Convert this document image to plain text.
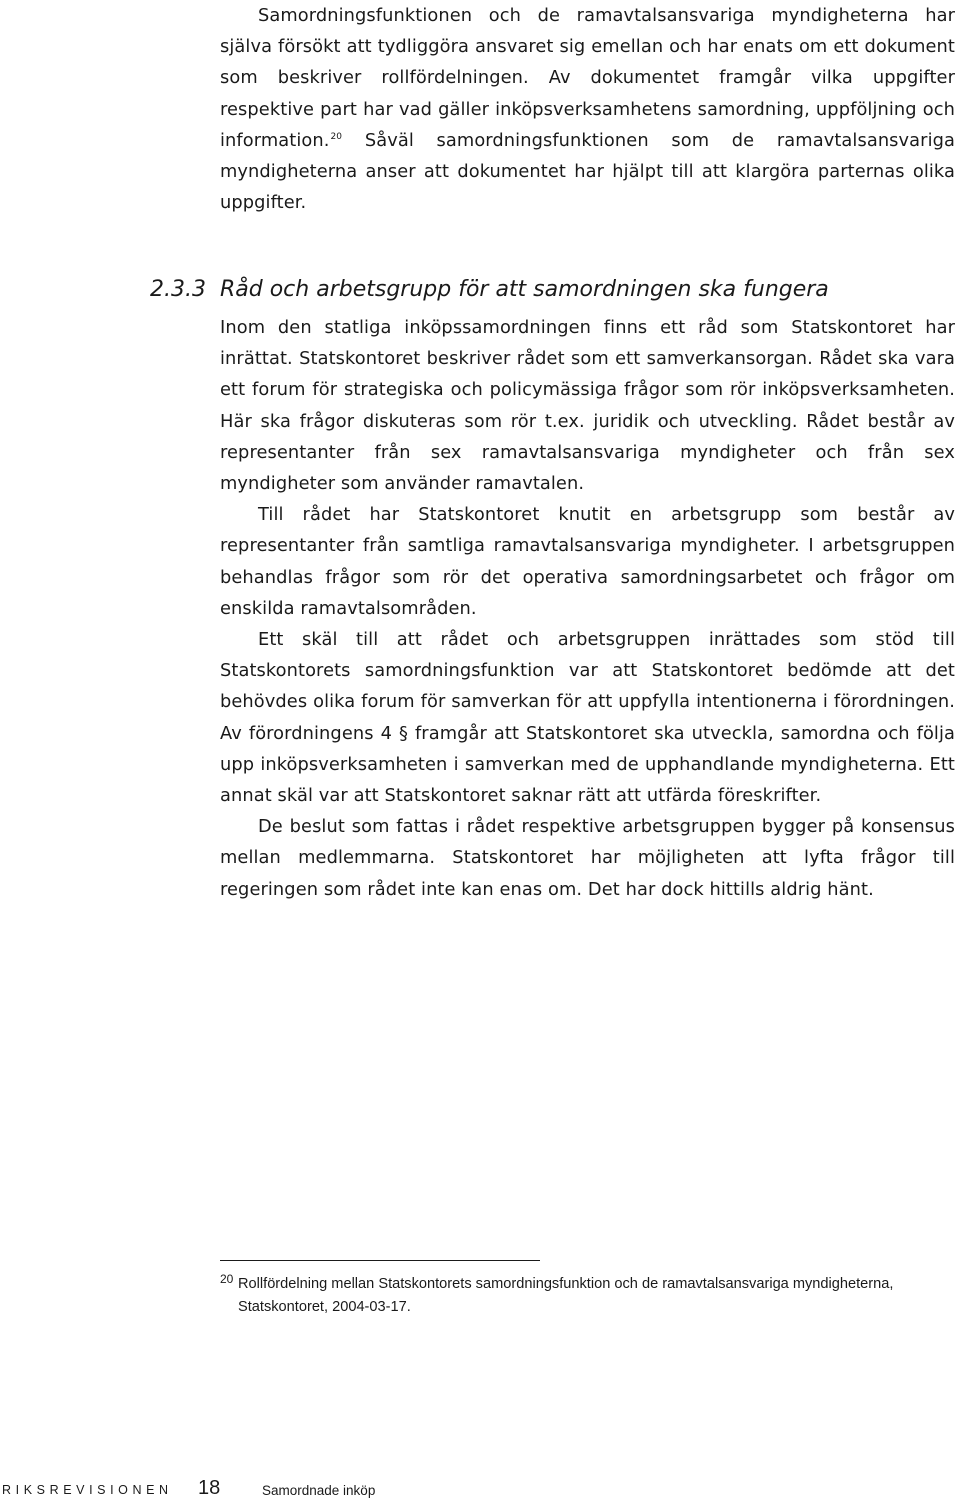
Samordningsfunktionen och de ramavtalsansvariga myndigheterna har själva försökt att tydliggöra ansvaret sig emellan och har enats om ett dokument som beskriver rollfördelningen. Av dokumentet framgår vilka uppgifter respektive part har vad gäller inköpsverksamhetens samordning, uppföljning och information.$^{20}$ Såväl samordningsfunktionen som de ramavtalsansvariga myndigheterna anser att dokumentet har hjälpt till att klargöra parternas olika uppgifter.

2.3.3 Råd och arbetsgrupp för att samordningen ska fungera

Inom den statliga inköpssamordningen finns ett råd som Statskontoret har inrättat. Statskontoret beskriver rådet som ett samverkansorgan. Rådet ska vara ett forum för strategiska och policymässiga frågor som rör inköpsverksamheten. Här ska frågor diskuteras som rör t.ex. juridik och utveckling. Rådet består av representanter från sex ramavtalsansvariga myndigheter och från sex myndigheter som använder ramavtalen.

Till rådet har Statskontoret knutit en arbetsgrupp som består av representanter från samtliga ramavtalsansvariga myndigheter. I arbetsgruppen behandlas frågor som rör det operativa samordningsarbetet och frågor om enskilda ramavtalsområden.

Ett skäl till att rådet och arbetsgruppen inrättades som stöd till Statskontorets samordningsfunktion var att Statskontoret bedömde att det behövdes olika forum för samverkan för att uppfylla intentionerna i förordningen. Av förordningens 4 § framgår att Statskontoret ska utveckla, samordna och följa upp inköpsverksamheten i samverkan med de upphandlande myndigheterna. Ett annat skäl var att Statskontoret saknar rätt att utfärda föreskrifter.

De beslut som fattas i rådet respektive arbetsgruppen bygger på konsensus mellan medlemmarna. Statskontoret har möjligheten att lyfta frågor till regeringen som rådet inte kan enas om. Det har dock hittills aldrig hänt.

20 Rollfördelning mellan Statskontorets samordningsfunktion och de ramavtalsansvariga myndigheterna, Statskontoret, 2004-03-17.
RIKSREVISIONEN 18	Samordnade inköp
